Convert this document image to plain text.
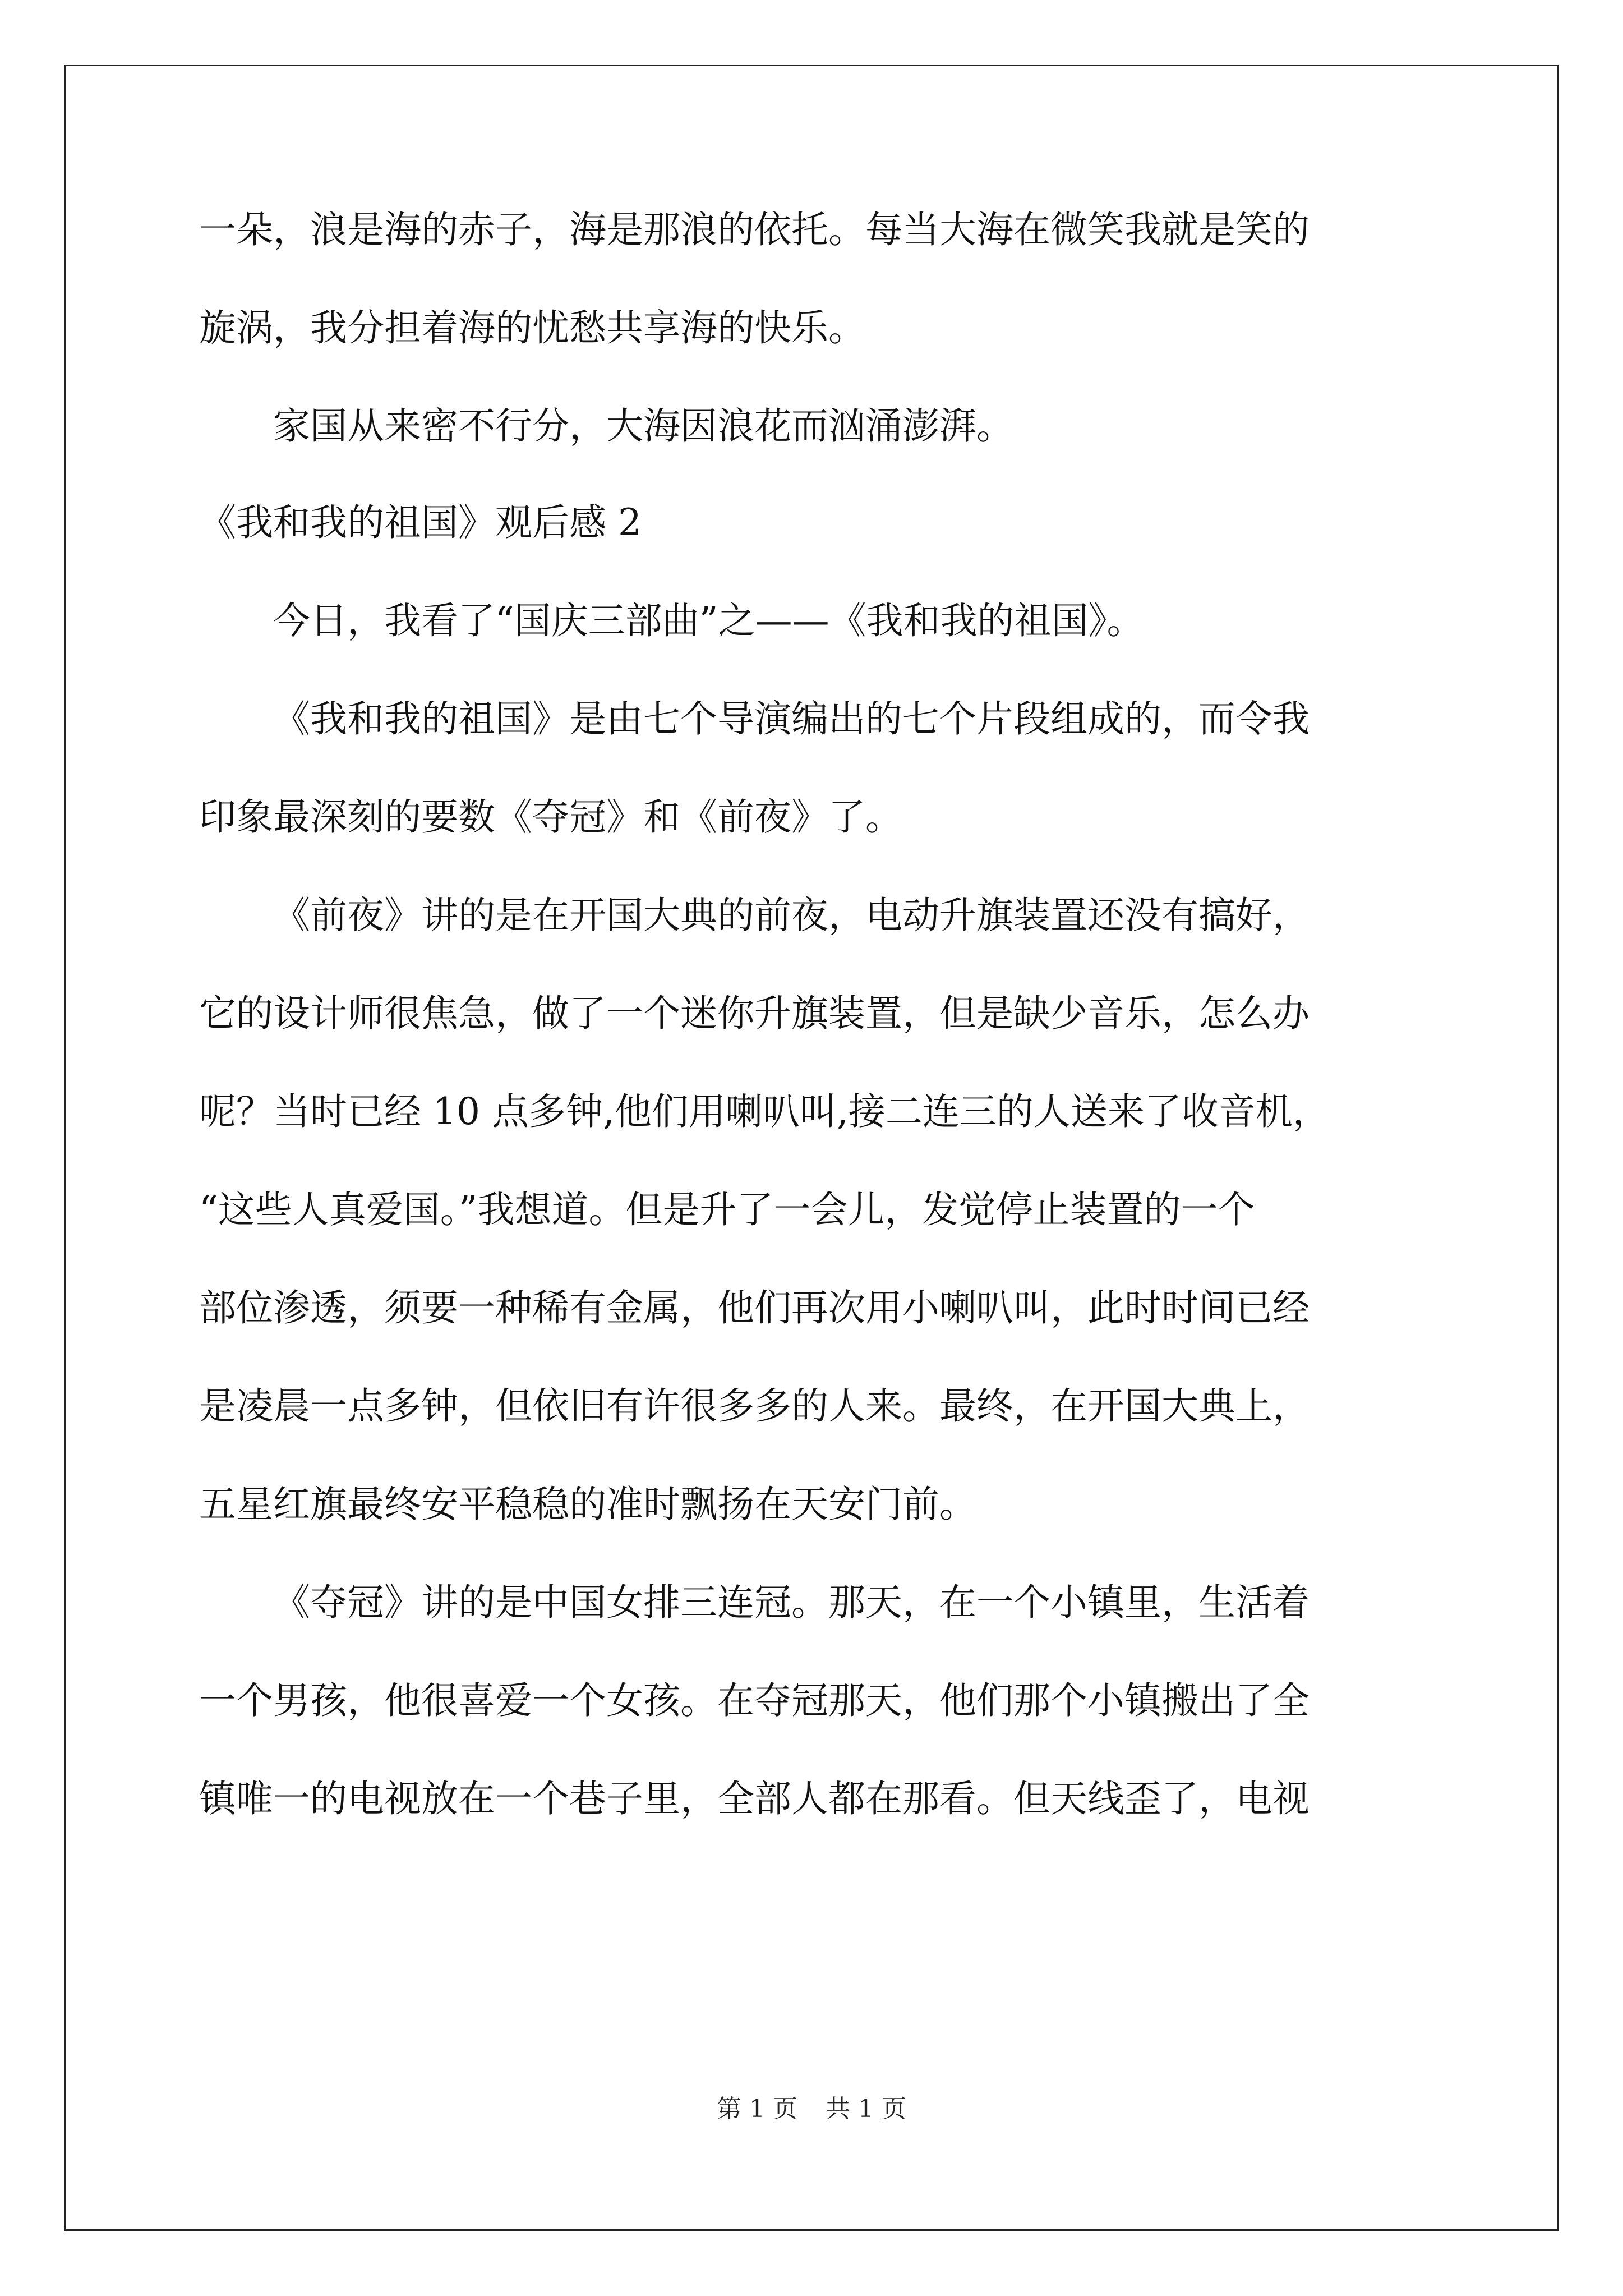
一朵，浪是海的赤子，海是那浪的依托。每当大海在微笑我就是笑的
旋涡，我分担着海的忧愁共享海的快乐。
家国从来密不行分，大海因浪花而汹涌澎湃。
《我和我的祖国》观后感 2
今日，我看了“国庆三部曲”之——《我和我的祖国》。
《我和我的祖国》是由七个导演编出的七个片段组成的，而令我
印象最深刻的要数《夺冠》和《前夜》了。
《前夜》讲的是在开国大典的前夜，电动升旗装置还没有搞好，
它的设计师很焦急，做了一个迷你升旗装置，但是缺少音乐，怎么办
呢？当时已经 10 点多钟,他们用喇叭叫,接二连三的人送来了收音机，
“这些人真爱国。”我想道。但是升了一会儿，发觉停止装置的一个
部位渗透，须要一种稀有金属，他们再次用小喇叭叫，此时时间已经
是凌晨一点多钟，但依旧有许很多多的人来。最终，在开国大典上，
五星红旗最终安平稳稳的准时飘扬在天安门前。
《夺冠》讲的是中国女排三连冠。那天，在一个小镇里，生活着
一个男孩，他很喜爱一个女孩。在夺冠那天，他们那个小镇搬出了全
镇唯一的电视放在一个巷子里，全部人都在那看。但天线歪了，电视
第 1 页 共 1 页
